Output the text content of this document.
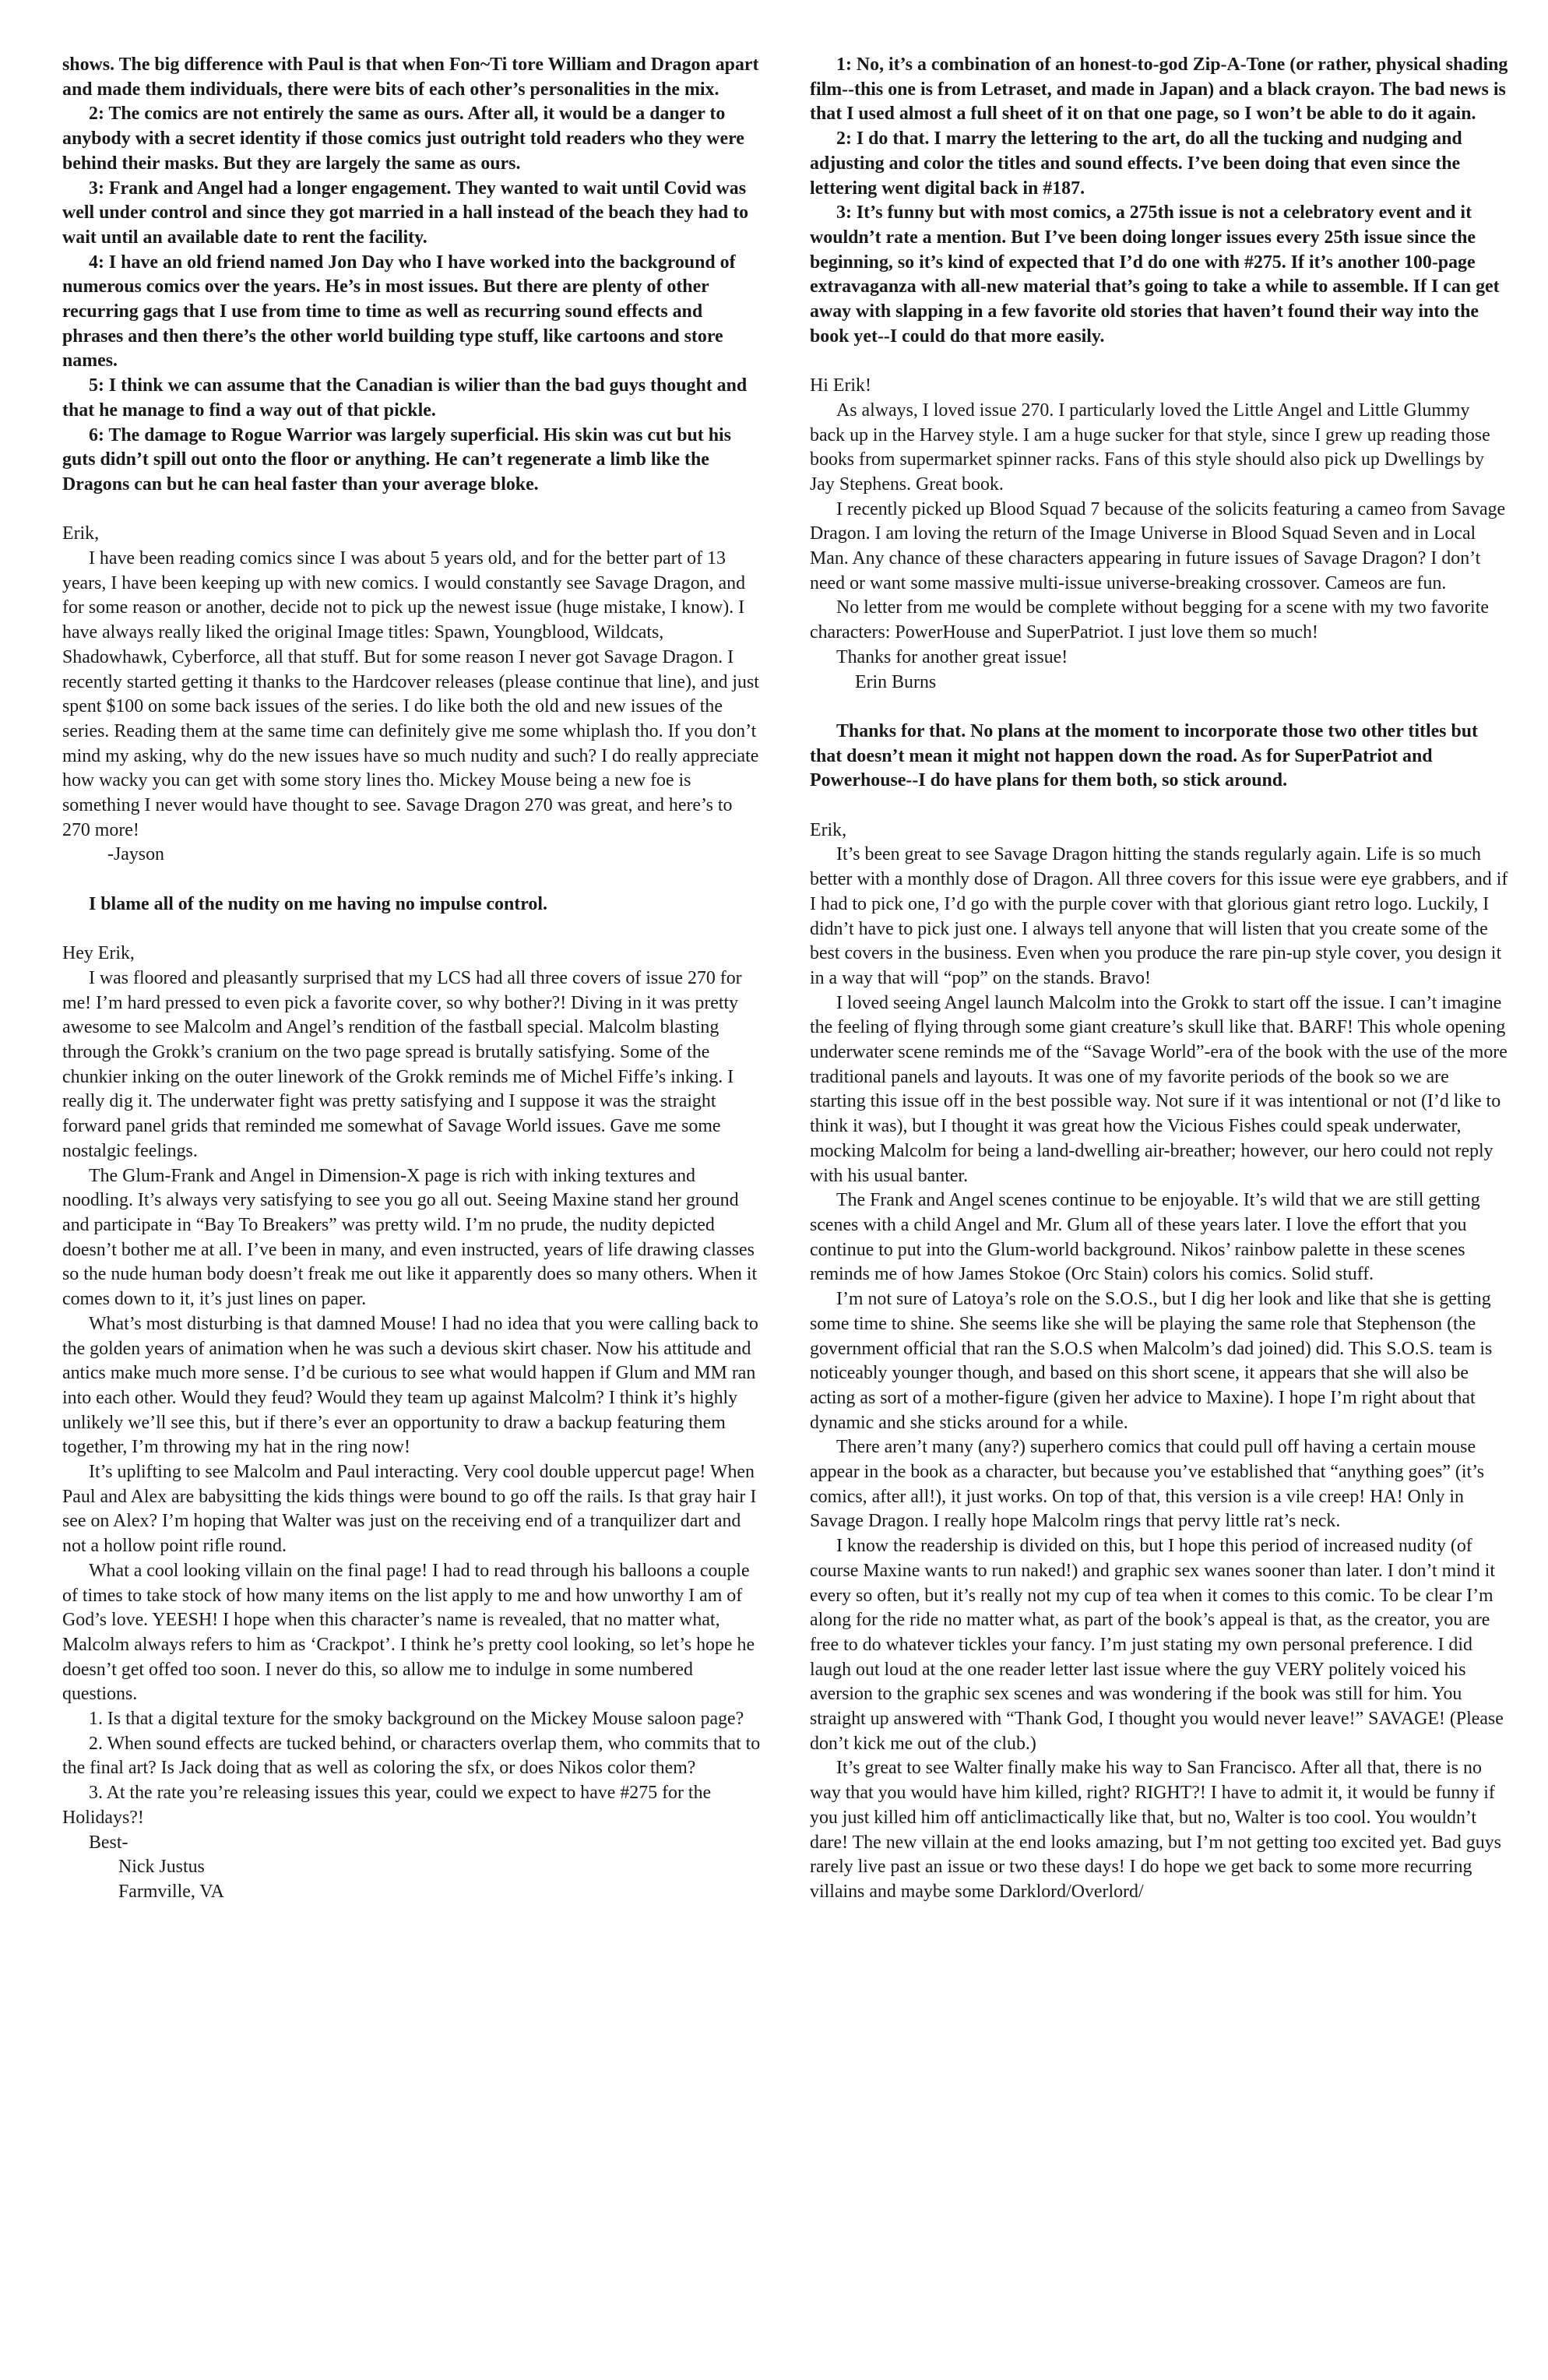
shows. The big difference with Paul is that when Fon~Ti tore William and Dragon apart and made them individuals, there were bits of each other’s personalities in the mix.

2: The comics are not entirely the same as ours. After all, it would be a danger to anybody with a secret identity if those comics just outright told readers who they were behind their masks. But they are largely the same as ours.

3: Frank and Angel had a longer engagement. They wanted to wait until Covid was well under control and since they got married in a hall instead of the beach they had to wait until an available date to rent the facility.

4: I have an old friend named Jon Day who I have worked into the background of numerous comics over the years. He’s in most issues. But there are plenty of other recurring gags that I use from time to time as well as recurring sound effects and phrases and then there’s the other world building type stuff, like cartoons and store names.

5: I think we can assume that the Canadian is wilier than the bad guys thought and that he manage to find a way out of that pickle.

6: The damage to Rogue Warrior was largely superficial. His skin was cut but his guts didn’t spill out onto the floor or anything. He can’t regenerate a limb like the Dragons can but he can heal faster than your average bloke.

Erik,

I have been reading comics since I was about 5 years old, and for the better part of 13 years, I have been keeping up with new comics. I would constantly see Savage Dragon, and for some reason or another, decide not to pick up the newest issue (huge mistake, I know). I have always really liked the original Image titles: Spawn, Youngblood, Wildcats, Shadowhawk, Cyberforce, all that stuff. But for some reason I never got Savage Dragon. I recently started getting it thanks to the Hardcover releases (please continue that line), and just spent $100 on some back issues of the series. I do like both the old and new issues of the series. Reading them at the same time can definitely give me some whiplash tho. If you don’t mind my asking, why do the new issues have so much nudity and such? I do really appreciate how wacky you can get with some story lines tho. Mickey Mouse being a new foe is something I never would have thought to see. Savage Dragon 270 was great, and here’s to 270 more!

-Jayson

I blame all of the nudity on me having no impulse control.

Hey Erik,

I was floored and pleasantly surprised that my LCS had all three covers of issue 270 for me! I’m hard pressed to even pick a favorite cover, so why bother?! Diving in it was pretty awesome to see Malcolm and Angel’s rendition of the fastball special. Malcolm blasting through the Grokk’s cranium on the two page spread is brutally satisfying. Some of the chunkier inking on the outer linework of the Grokk reminds me of Michel Fiffe’s inking. I really dig it. The underwater fight was pretty satisfying and I suppose it was the straight forward panel grids that reminded me somewhat of Savage World issues. Gave me some nostalgic feelings.

The Glum-Frank and Angel in Dimension-X page is rich with inking textures and noodling. It’s always very satisfying to see you go all out. Seeing Maxine stand her ground and participate in “Bay To Breakers” was pretty wild. I’m no prude, the nudity depicted doesn’t bother me at all. I’ve been in many, and even instructed, years of life drawing classes so the nude human body doesn’t freak me out like it apparently does so many others. When it comes down to it, it’s just lines on paper.

What’s most disturbing is that damned Mouse! I had no idea that you were calling back to the golden years of animation when he was such a devious skirt chaser. Now his attitude and antics make much more sense. I’d be curious to see what would happen if Glum and MM ran into each other. Would they feud? Would they team up against Malcolm? I think it’s highly unlikely we’ll see this, but if there’s ever an opportunity to draw a backup featuring them together, I’m throwing my hat in the ring now!

It’s uplifting to see Malcolm and Paul interacting. Very cool double uppercut page! When Paul and Alex are babysitting the kids things were bound to go off the rails. Is that gray hair I see on Alex? I’m hoping that Walter was just on the receiving end of a tranquilizer dart and not a hollow point rifle round.

What a cool looking villain on the final page! I had to read through his balloons a couple of times to take stock of how many items on the list apply to me and how unworthy I am of God’s love. YEESH! I hope when this character’s name is revealed, that no matter what, Malcolm always refers to him as ‘Crackpot’. I think he’s pretty cool looking, so let’s hope he doesn’t get offed too soon. I never do this, so allow me to indulge in some numbered questions.

1. Is that a digital texture for the smoky background on the Mickey Mouse saloon page?

2. When sound effects are tucked behind, or characters overlap them, who commits that to the final art? Is Jack doing that as well as coloring the sfx, or does Nikos color them?

3. At the rate you’re releasing issues this year, could we expect to have #275 for the Holidays?!

Best-

Nick Justus

Farmville, VA

1: No, it’s a combination of an honest-to-god Zip-A-Tone (or rather, physical shading film--this one is from Letraset, and made in Japan) and a black crayon. The bad news is that I used almost a full sheet of it on that one page, so I won’t be able to do it again.

2: I do that. I marry the lettering to the art, do all the tucking and nudging and adjusting and color the titles and sound effects. I’ve been doing that even since the lettering went digital back in #187.

3: It’s funny but with most comics, a 275th issue is not a celebratory event and it wouldn’t rate a mention. But I’ve been doing longer issues every 25th issue since the beginning, so it’s kind of expected that I’d do one with #275. If it’s another 100-page extravaganza with all-new material that’s going to take a while to assemble. If I can get away with slapping in a few favorite old stories that haven’t found their way into the book yet--I could do that more easily.

Hi Erik!

As always, I loved issue 270. I particularly loved the Little Angel and Little Glummy back up in the Harvey style. I am a huge sucker for that style, since I grew up reading those books from supermarket spinner racks. Fans of this style should also pick up Dwellings by Jay Stephens. Great book.

I recently picked up Blood Squad 7 because of the solicits featuring a cameo from Savage Dragon. I am loving the return of the Image Universe in Blood Squad Seven and in Local Man. Any chance of these characters appearing in future issues of Savage Dragon? I don’t need or want some massive multi-issue universe-breaking crossover. Cameos are fun.

No letter from me would be complete without begging for a scene with my two favorite characters: PowerHouse and SuperPatriot. I just love them so much!

Thanks for another great issue!

Erin Burns

Thanks for that. No plans at the moment to incorporate those two other titles but that doesn’t mean it might not happen down the road. As for SuperPatriot and Powerhouse--I do have plans for them both, so stick around.

Erik,

It’s been great to see Savage Dragon hitting the stands regularly again. Life is so much better with a monthly dose of Dragon. All three covers for this issue were eye grabbers, and if I had to pick one, I’d go with the purple cover with that glorious giant retro logo. Luckily, I didn’t have to pick just one. I always tell anyone that will listen that you create some of the best covers in the business. Even when you produce the rare pin-up style cover, you design it in a way that will “pop” on the stands. Bravo!

I loved seeing Angel launch Malcolm into the Grokk to start off the issue. I can’t imagine the feeling of flying through some giant creature’s skull like that. BARF! This whole opening underwater scene reminds me of the “Savage World”-era of the book with the use of the more traditional panels and layouts. It was one of my favorite periods of the book so we are starting this issue off in the best possible way. Not sure if it was intentional or not (I’d like to think it was), but I thought it was great how the Vicious Fishes could speak underwater, mocking Malcolm for being a land-dwelling air-breather; however, our hero could not reply with his usual banter.

The Frank and Angel scenes continue to be enjoyable. It’s wild that we are still getting scenes with a child Angel and Mr. Glum all of these years later. I love the effort that you continue to put into the Glum-world background. Nikos’ rainbow palette in these scenes reminds me of how James Stokoe (Orc Stain) colors his comics. Solid stuff.

I’m not sure of Latoya’s role on the S.O.S., but I dig her look and like that she is getting some time to shine. She seems like she will be playing the same role that Stephenson (the government official that ran the S.O.S when Malcolm’s dad joined) did. This S.O.S. team is noticeably younger though, and based on this short scene, it appears that she will also be acting as sort of a mother-figure (given her advice to Maxine). I hope I’m right about that dynamic and she sticks around for a while.

There aren’t many (any?) superhero comics that could pull off having a certain mouse appear in the book as a character, but because you’ve established that “anything goes” (it’s comics, after all!), it just works. On top of that, this version is a vile creep! HA! Only in Savage Dragon. I really hope Malcolm rings that pervy little rat’s neck.

I know the readership is divided on this, but I hope this period of increased nudity (of course Maxine wants to run naked!) and graphic sex wanes sooner than later. I don’t mind it every so often, but it’s really not my cup of tea when it comes to this comic. To be clear I’m along for the ride no matter what, as part of the book’s appeal is that, as the creator, you are free to do whatever tickles your fancy. I’m just stating my own personal preference. I did laugh out loud at the one reader letter last issue where the guy VERY politely voiced his aversion to the graphic sex scenes and was wondering if the book was still for him. You straight up answered with “Thank God, I thought you would never leave!” SAVAGE! (Please don’t kick me out of the club.)

It’s great to see Walter finally make his way to San Francisco. After all that, there is no way that you would have him killed, right? RIGHT?! I have to admit it, it would be funny if you just killed him off anticlimactically like that, but no, Walter is too cool. You wouldn’t dare! The new villain at the end looks amazing, but I’m not getting too excited yet. Bad guys rarely live past an issue or two these days! I do hope we get back to some more recurring villains and maybe some Darklord/Overlord/
